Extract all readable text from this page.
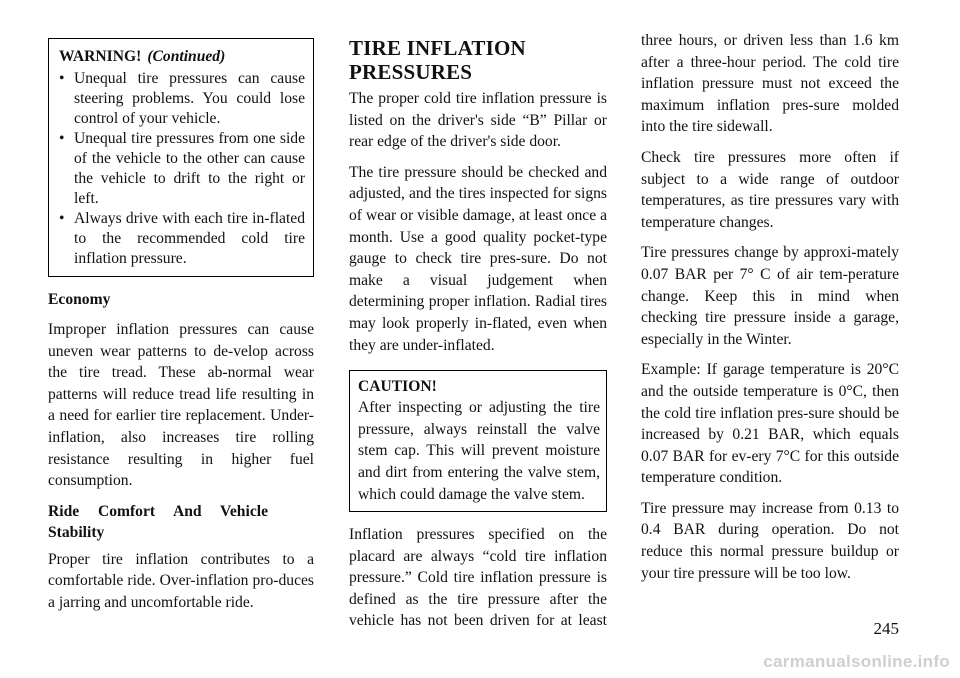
WARNING! (Continued)
• Unequal tire pressures can cause steering problems. You could lose control of your vehicle.
• Unequal tire pressures from one side of the vehicle to the other can cause the vehicle to drift to the right or left.
• Always drive with each tire in-flated to the recommended cold tire inflation pressure.

Economy

Improper inflation pressures can cause uneven wear patterns to de-velop across the tire tread. These ab-normal wear patterns will reduce tread life resulting in a need for earlier tire replacement. Under-inflation, also increases tire rolling resistance resulting in higher fuel consumption.

Ride Comfort And Vehicle Stability

Proper tire inflation contributes to a comfortable ride. Over-inflation pro-duces a jarring and uncomfortable ride.

TIRE INFLATION PRESSURES

The proper cold tire inflation pressure is listed on the driver's side “B” Pillar or rear edge of the driver's side door.

The tire pressure should be checked and adjusted, and the tires inspected for signs of wear or visible damage, at least once a month. Use a good quality pocket-type gauge to check tire pres-sure. Do not make a visual judgement when determining proper inflation. Radial tires may look properly in-flated, even when they are under-inflated.

CAUTION!
After inspecting or adjusting the tire pressure, always reinstall the valve stem cap. This will prevent moisture and dirt from entering the valve stem, which could damage the valve stem.

Inflation pressures specified on the placard are always “cold tire inflation pressure.” Cold tire inflation pressure is defined as the tire pressure after the vehicle has not been driven for at least

three hours, or driven less than 1.6 km after a three-hour period. The cold tire inflation pressure must not exceed the maximum inflation pres-sure molded into the tire sidewall.

Check tire pressures more often if subject to a wide range of outdoor temperatures, as tire pressures vary with temperature changes.

Tire pressures change by approxi-mately 0.07 BAR per 7° C of air tem-perature change. Keep this in mind when checking tire pressure inside a garage, especially in the Winter.

Example: If garage temperature is 20°C and the outside temperature is 0°C, then the cold tire inflation pres-sure should be increased by 0.21 BAR, which equals 0.07 BAR for ev-ery 7°C for this outside temperature condition.

Tire pressure may increase from 0.13 to 0.4 BAR during operation. Do not reduce this normal pressure buildup or your tire pressure will be too low.

245
carmanualsonline.info
